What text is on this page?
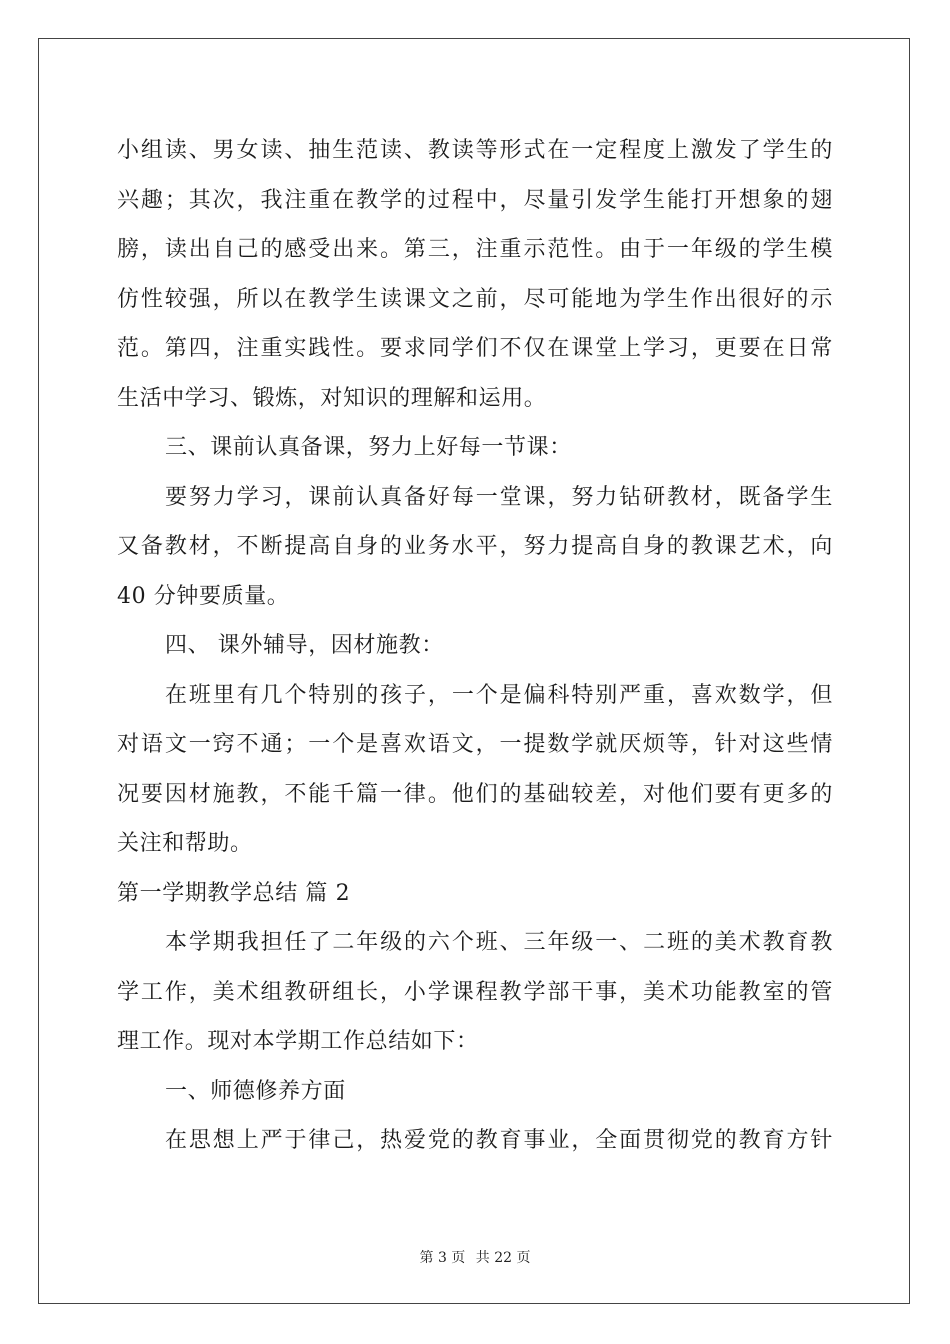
小组读、男女读、抽生范读、教读等形式在一定程度上激发了学生的
兴趣；其次，我注重在教学的过程中，尽量引发学生能打开想象的翅
膀，读出自己的感受出来。第三，注重示范性。由于一年级的学生模
仿性较强，所以在教学生读课文之前，尽可能地为学生作出很好的示
范。第四，注重实践性。要求同学们不仅在课堂上学习，更要在日常
生活中学习、锻炼，对知识的理解和运用。
三、课前认真备课，努力上好每一节课：
要努力学习，课前认真备好每一堂课，努力钻研教材，既备学生
又备教材，不断提高自身的业务水平，努力提高自身的教课艺术，向
40 分钟要质量。
四、 课外辅导，因材施教：
在班里有几个特别的孩子，一个是偏科特别严重，喜欢数学，但
对语文一窍不通；一个是喜欢语文，一提数学就厌烦等，针对这些情
况要因材施教，不能千篇一律。他们的基础较差，对他们要有更多的
关注和帮助。
第一学期教学总结 篇 2
本学期我担任了二年级的六个班、三年级一、二班的美术教育教
学工作，美术组教研组长，小学课程教学部干事，美术功能教室的管
理工作。现对本学期工作总结如下：
一、师德修养方面
在思想上严于律己，热爱党的教育事业，全面贯彻党的教育方针
第 3 页 共 22 页
